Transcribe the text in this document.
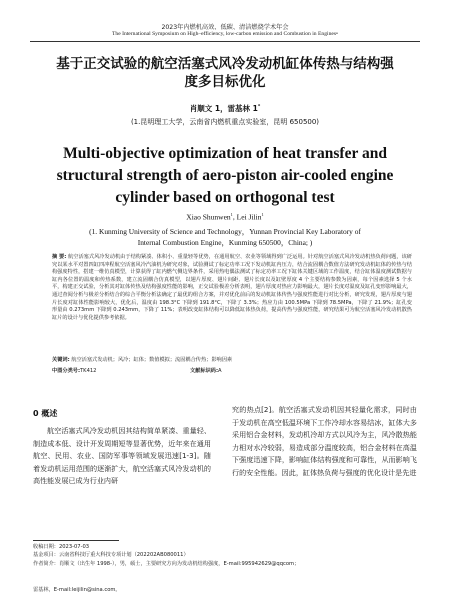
2023年内燃机高效、低碳、清洁燃烧学术年会
The International Symposium on High–efficiency, low-carbon emission and Combustion in Engines•
基于正交试验的航空活塞式风冷发动机缸体传热与结构强
度多目标优化
肖顺文 1，雷基林 1*
(1.昆明理工大学，云南省内燃机重点实验室，昆明 650500)
Multi-objective optimization of heat transfer and
structural strength of aero-piston air-cooled engine
cylinder based on orthogonal test
Xiao Shunwen$^1$, Lei Jilin$^1$
(1. Kunming University of Science and Technology，Yunnan Provincial Key Laboratory of
Internal Combustion Engine，Kunming 650500，China; )
摘 要: 航空活塞式风冷发动机由于结构紧凑、体积小、重量轻等优势，在通用航空、农业等领域得到广泛运用。针对航空活塞式风冷发动机热负荷问题，该研究以某水平对置四缸四冲程航空活塞风冷汽油机为研究对象，试验测试了标定功率工况下发动机缸内压力，结合流固耦合数值方法研究发动机缸体的传热与结构强度特性，搭建一维仿真模型，计算获得了缸内燃气侧边界条件，采用热电偶法测试了标定功率工况下缸体关键区域的工作温度，结合缸体温度测试数据与缸内各位置的温度和传热系数，建立流固耦合仿真模型，以翅片厚度、翅片间距、翅片长度以及缸壁厚度 4 个主要结构参数为因素，每个因素选择 5 个水平，构建正交试验，分析其对缸体传热及结构强度性能的影响，正交试验极差分析表明，翅片厚度对热应力影响最大，翅片长度对温度及缸孔变形影响最大，通过查阅分析与极差分析结合的综合平衡分析法确定了最优的组合方案，并对优化前后的发动机缸体传热与强度性能进行对比分析，研究发现，翅片厚度与翅片长度对缸体性能影响较大，优化后，温度由 198.3°C 下降到 191.8°C，下降了 3.3%；热应力由 100.5MPa 下降到 78.5MPa，下降了 21.9%；缸孔变形量由 0.273mm 下降到 0.243mm，下降了 11%；表明改变缸体结构可以降低缸体热负荷，提高传热与强度性能，研究结果可为航空活塞风冷发动机散热缸片的设计与优化提供参考依据。
关键词: 航空活塞式发动机；风冷；缸体；数值模拟；流固耦合传热；影响因素
中图分类号:TK412	文献标识码:A
0 概述
航空活塞式风冷发动机因其结构简单紧凑、重量轻、制造成本低、设计开发周期短等显著优势，近年来在通用航空、民用、农业、国防军事等领域发展迅速[1-3]。随着发动机运用范围的逐渐扩大，航空活塞式风冷发动机的高性能发展已成为行业内研
究的热点[2]。航空活塞式发动机因其轻量化需求，同时由于发动机在高空低温环境下工作冷却水容易结冰，缸体大多采用铝合金材料，发动机冷却方式以风冷为主，风冷散热能力相对水冷较弱，易造成部分温度较高，铝合金材料在高温下强度迅速下降，影响缸体结构强度和可靠性，从而影响飞行的安全性能。因此，缸体热负荷与强度的优化设计是先进
收稿日期：2023-07-03
基金项目：云南省科技厅重大科技专项计划（202202AB080011）
作者简介：肖顺文（出生年 1998-），男，硕士，主要研究方向为发动机结构强度，E-mail:995942629@qqcom；
雷基林，E-mail:leijilin@sina.com。
